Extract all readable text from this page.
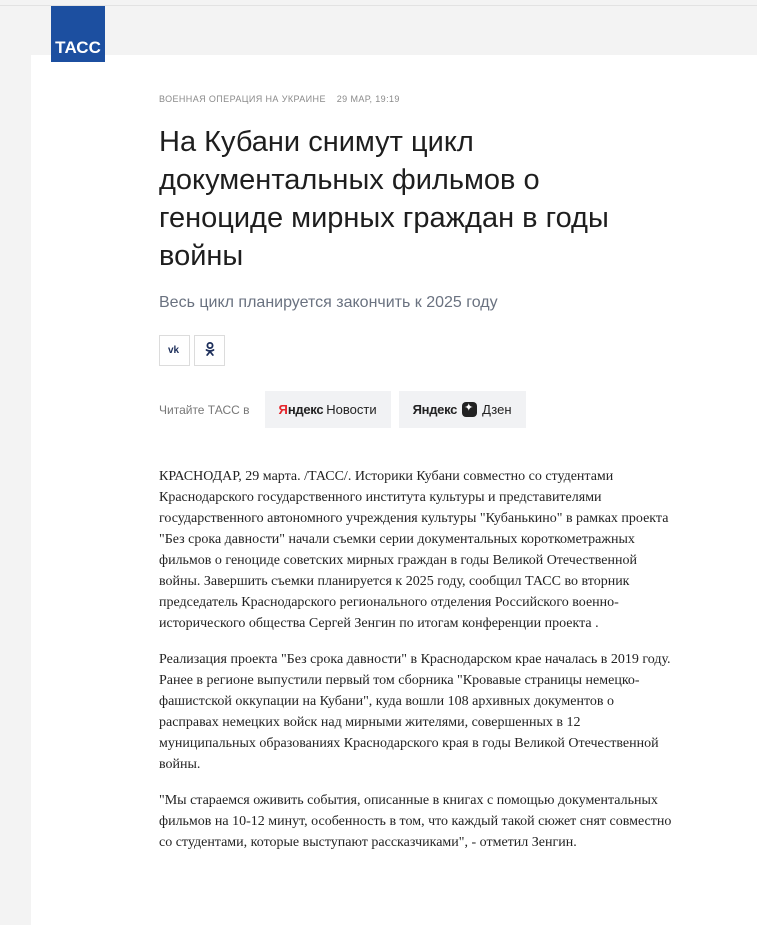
ТАСС
ВОЕННАЯ ОПЕРАЦИЯ НА УКРАИНЕ 29 МАР, 19:19
На Кубани снимут цикл документальных фильмов о геноциде мирных граждан в годы войны
Весь цикл планируется закончить к 2025 году
vk
Читайте ТАСС в Я ндекс Новости	Яндекс
✦ Дзен

КРАСНОДАР, 29 марта. /ТАСС/. Историки Кубани совместно со студентами Краснодарского государственного института культуры и представителями государственного автономного учреждения культуры "Кубанькино" в рамках проекта "Без срока давности" начали съемки серии документальных короткометражных фильмов о геноциде советских мирных граждан в годы Великой Отечественной войны. Завершить съемки планируется к 2025 году, сообщил ТАСС во вторник председатель Краснодарского регионального отделения Российского военно-исторического общества Сергей Зенгин по итогам конференции проекта .

Реализация проекта "Без срока давности" в Краснодарском крае началась в 2019 году. Ранее в регионе выпустили первый том сборника "Кровавые страницы немецко-фашистской оккупации на Кубани", куда вошли 108 архивных документов о расправах немецких войск над мирными жителями, совершенных в 12 муниципальных образованиях Краснодарского края в годы Великой Отечественной войны.

"Мы стараемся оживить события, описанные в книгах с помощью документальных фильмов на 10-12 минут, особенность в том, что каждый такой сюжет снят совместно со студентами, которые выступают рассказчиками", - отметил Зенгин.
